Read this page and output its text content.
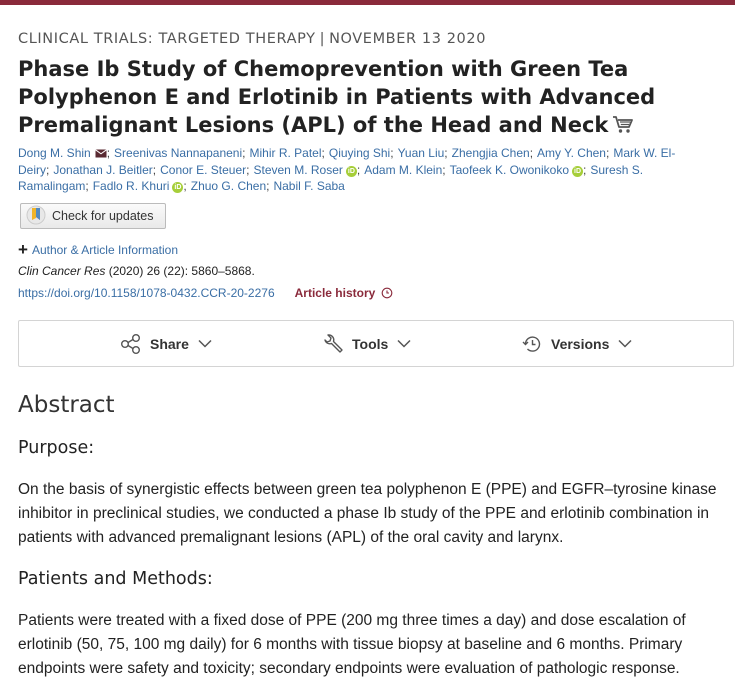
CLINICAL TRIALS: TARGETED THERAPY | NOVEMBER 13 2020
Phase Ib Study of Chemoprevention with Green Tea Polyphenon E and Erlotinib in Patients with Advanced Premalignant Lesions (APL) of the Head and Neck
Dong M. Shin ; Sreenivas Nannapaneni; Mihir R. Patel; Qiuying Shi; Yuan Liu; Zhengjia Chen; Amy Y. Chen; Mark W. El-Deiry; Jonathan J. Beitler; Conor E. Steuer; Steven M. Roser iD ; Adam M. Klein; Taofeek K. Owonikoko iD ; Suresh S. Ramalingam; Fadlo R. Khuri iD ; Zhuo G. Chen; Nabil F. Saba
Check for updates
+ Author & Article Information
Clin Cancer Res (2020) 26 (22): 5860–5868.
https://doi.org/10.1158/1078-0432.CCR-20-2276 Article history
Share	Tools	Versions
Abstract
Purpose:

On the basis of synergistic effects between green tea polyphenon E (PPE) and EGFR–tyrosine kinase inhibitor in preclinical studies, we conducted a phase Ib study of the PPE and erlotinib combination in patients with advanced premalignant lesions (APL) of the oral cavity and larynx.

Patients and Methods:

Patients were treated with a fixed dose of PPE (200 mg three times a day) and dose escalation of erlotinib (50, 75, 100 mg daily) for 6 months with tissue biopsy at baseline and 6 months. Primary endpoints were safety and toxicity; secondary endpoints were evaluation of pathologic response.
